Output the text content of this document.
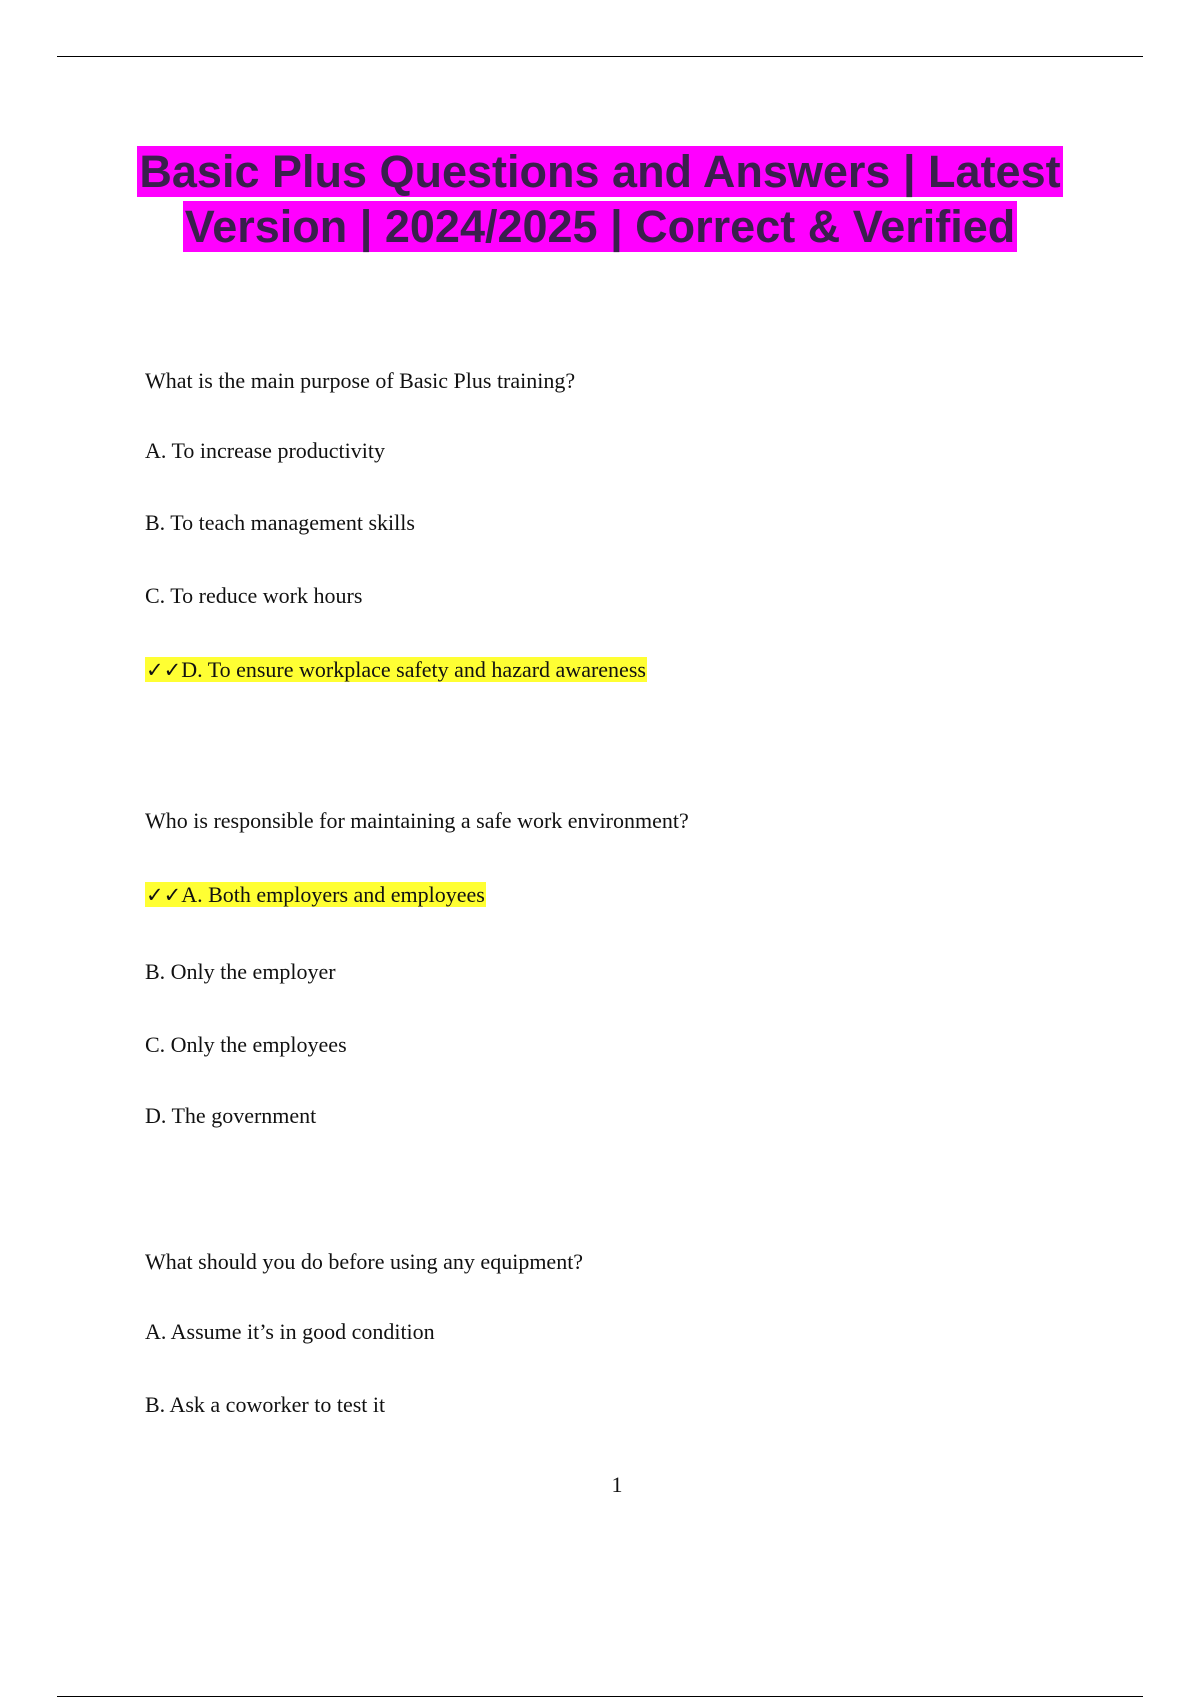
Basic Plus Questions and Answers | Latest Version | 2024/2025 | Correct & Verified

What is the main purpose of Basic Plus training?

A. To increase productivity

B. To teach management skills

C. To reduce work hours

✓✓D. To ensure workplace safety and hazard awareness

Who is responsible for maintaining a safe work environment?

✓✓A. Both employers and employees

B. Only the employer

C. Only the employees

D. The government

What should you do before using any equipment?

A. Assume it’s in good condition

B. Ask a coworker to test it

1
